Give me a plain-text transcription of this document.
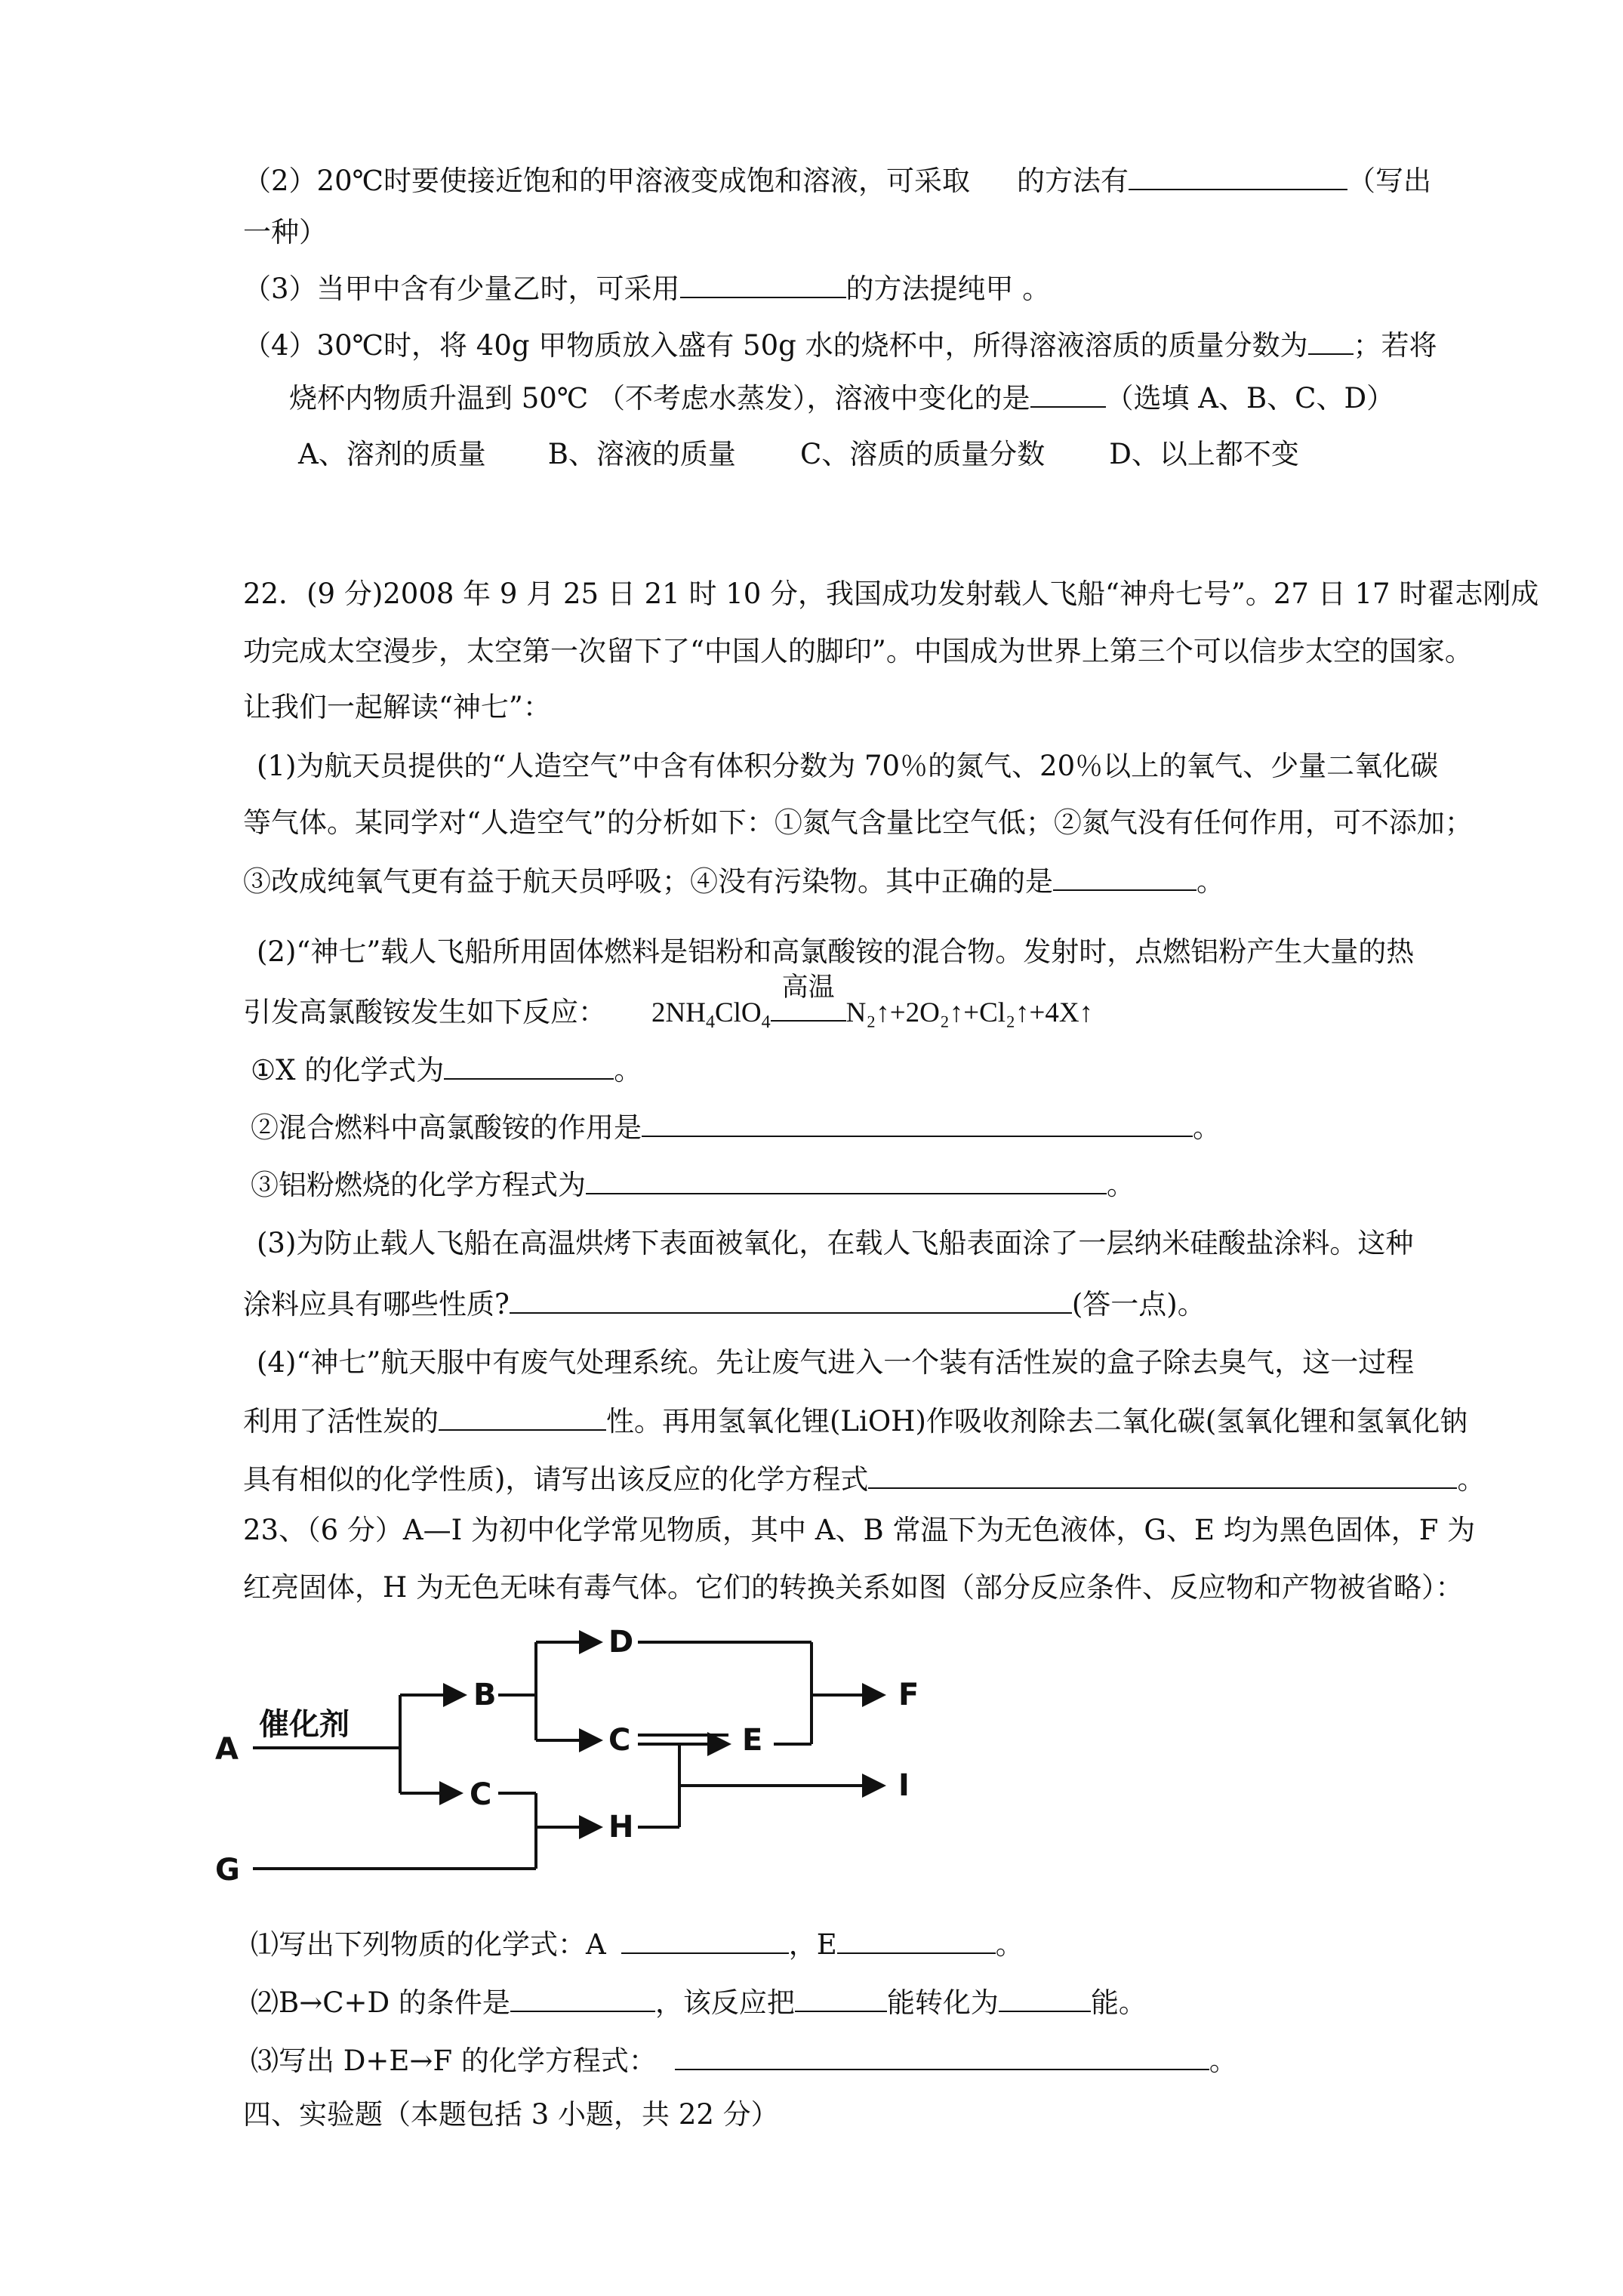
（2）20℃时要使接近饱和的甲溶液变成饱和溶液，可采取 的方法有	（写出
一种）
（3）当甲中含有少量乙时，可采用	的方法提纯甲 。
（4）30℃时，将 40g 甲物质放入盛有 50g 水的烧杯中，所得溶液溶质的质量分数为 ；若将
烧杯内物质升温到 50℃ （不考虑水蒸发），溶液中变化的是	（选填 A、B、C、D）
A、溶剂的质量 B、溶液的质量 C、溶质的质量分数 D、以上都不变
22．(9 分)2008 年 9 月 25 日 21 时 10 分，我国成功发射载人飞船“神舟七号”。27 日 17 时翟志刚成
功完成太空漫步，太空第一次留下了“中国人的脚印”。中国成为世界上第三个可以信步太空的国家。
让我们一起解读“神七”：
(1)为航天员提供的“人造空气”中含有体积分数为 70％的氮气、20％以上的氧气、少量二氧化碳
等气体。某同学对“人造空气”的分析如下：①氮气含量比空气低；②氮气没有任何作用，可不添加；
③改成纯氧气更有益于航天员呼吸；④没有污染物。其中正确的是	。
(2)“神七”载人飞船所用固体燃料是铝粉和高氯酸铵的混合物。发射时，点燃铝粉产生大量的热
引发高氯酸铵发生如下反应： $2NH_4ClO_4$
高温
N₂↑+2O₂↑+Cl₂↑+4X↑
①X 的化学式为	。
②混合燃料中高氯酸铵的作用是	。
③铝粉燃烧的化学方程式为	。
(3)为防止载人飞船在高温烘烤下表面被氧化，在载人飞船表面涂了一层纳米硅酸盐涂料。这种
涂料应具有哪些性质?	(答一点)。
(4)“神七”航天服中有废气处理系统。先让废气进入一个装有活性炭的盒子除去臭气，这一过程
利用了活性炭的	性。再用氢氧化锂(LiOH)作吸收剂除去二氧化碳(氢氧化锂和氢氧化钠
具有相似的化学性质)，请写出该反应的化学方程式	。
23、（6 分）A—I 为初中化学常见物质，其中 A、B 常温下为无色液体，G、E 均为黑色固体，F 为
红亮固体，H 为无色无味有毒气体。它们的转换关系如图（部分反应条件、反应物和产物被省略）：
A
催化剂
B
D
C	E
F
C
H
I
G
⑴写出下列物质的化学式：A	，E	。
⑵B→C+D 的条件是	，该反应把	能转化为	能。
⑶写出 D+E→F 的化学方程式：	。
四、实验题（本题包括 3 小题，共 22 分）
